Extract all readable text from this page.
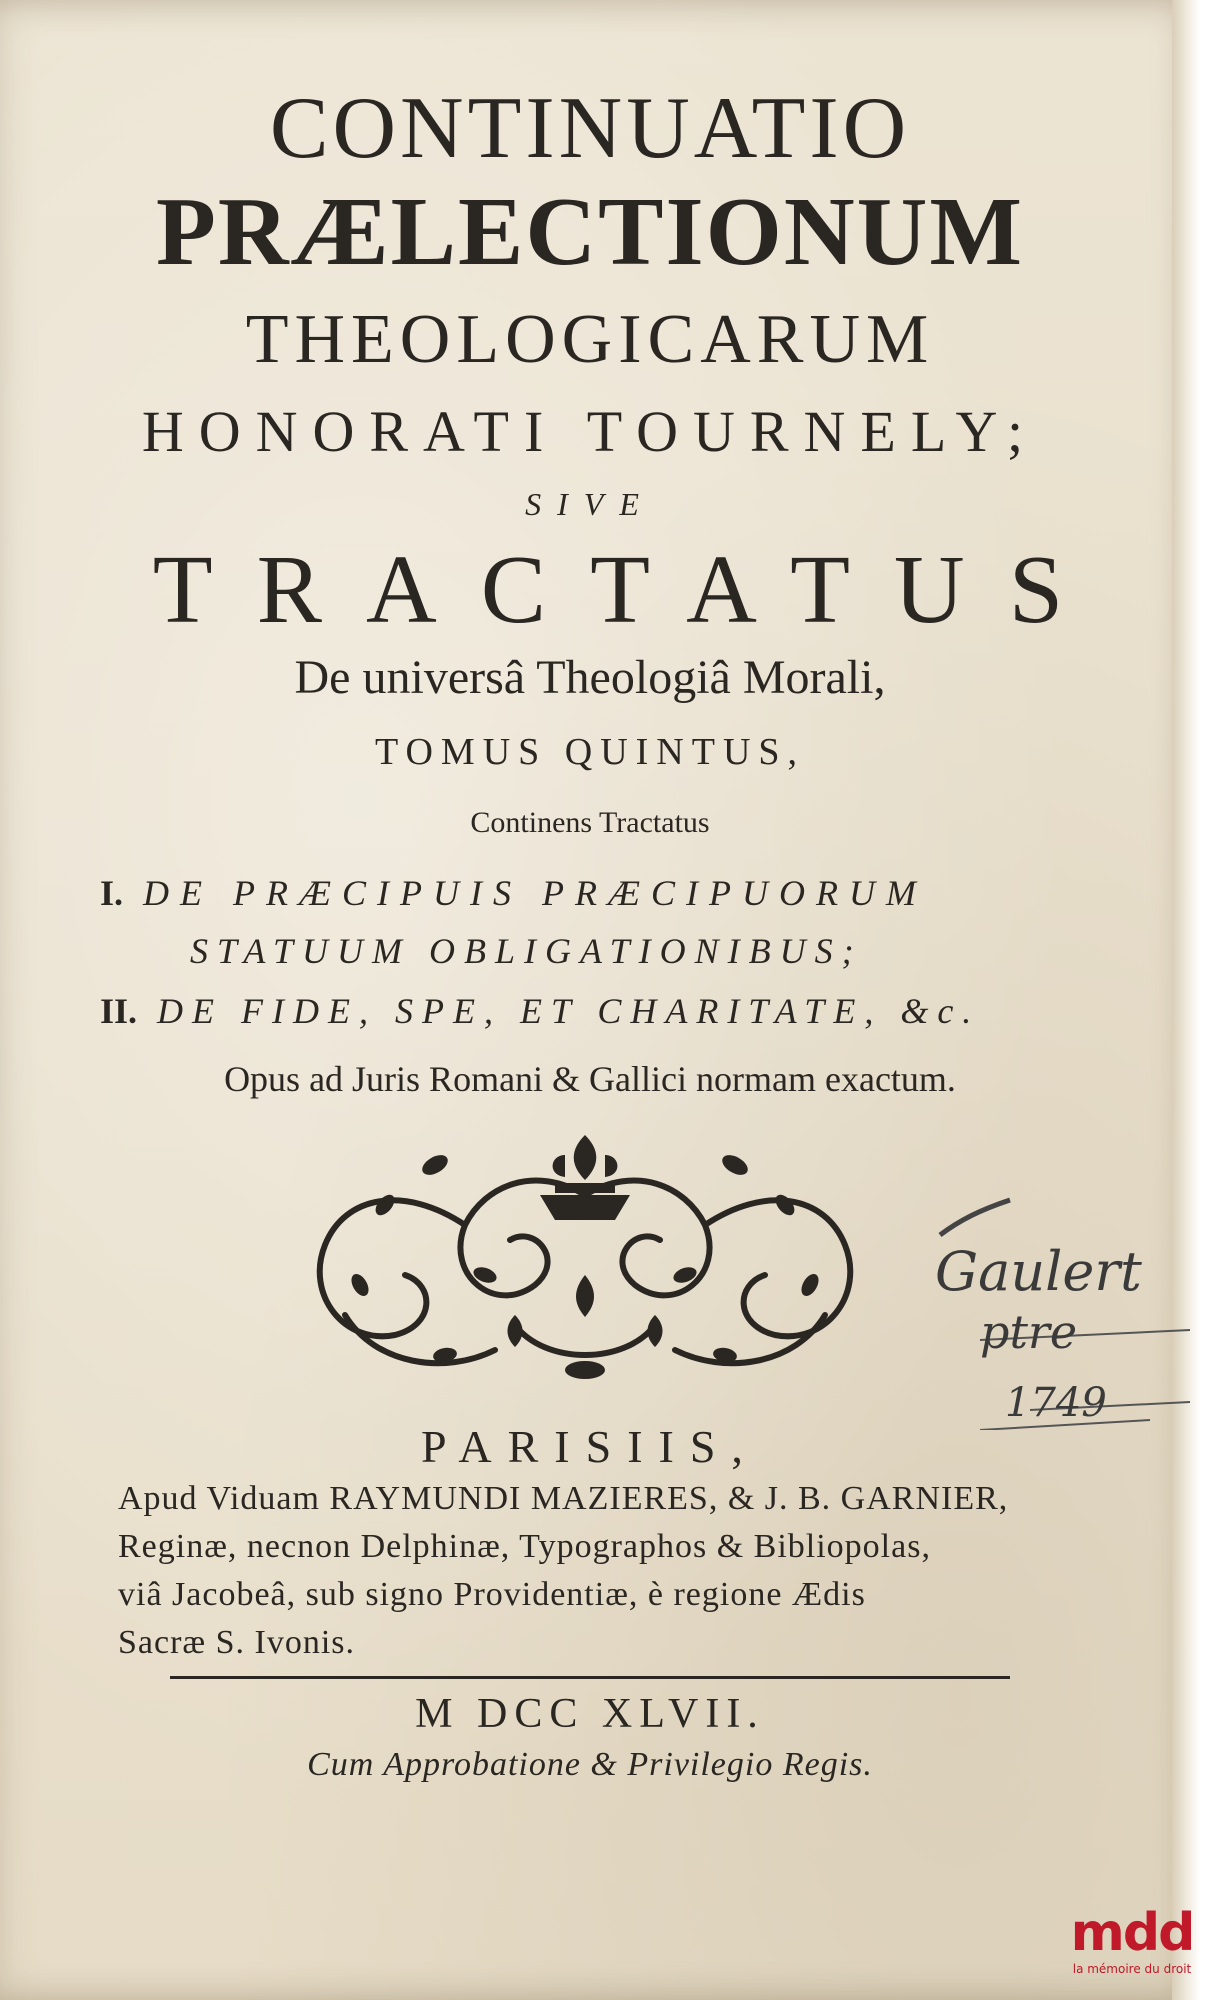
CONTINUATIO
PRÆLECTIONUM
THEOLOGICARUM
HONORATI TOURNELY;
SIVE
TRACTATUS
De universâ Theologiâ Morali,
TOMUS QUINTUS,
Continens Tractatus
I. DE PRÆCIPUIS PRÆCIPUORUM
STATUUM OBLIGATIONIBUS;
II. DE FIDE, SPE, ET CHARITATE, &c.
Opus ad Juris Romani & Gallici normam exactum.
Gaulert
ptre
1749
PARISIIS,
Apud Viduam RAYMUNDI MAZIERES, & J. B. GARNIER,
Reginæ, necnon Delphinæ, Typographos & Bibliopolas,
viâ Jacobeâ, sub signo Providentiæ, è regione Ædis
Sacræ S. Ivonis.
M DCC XLVII.
Cum Approbatione & Privilegio Regis.
mdd
la mémoire du droit
